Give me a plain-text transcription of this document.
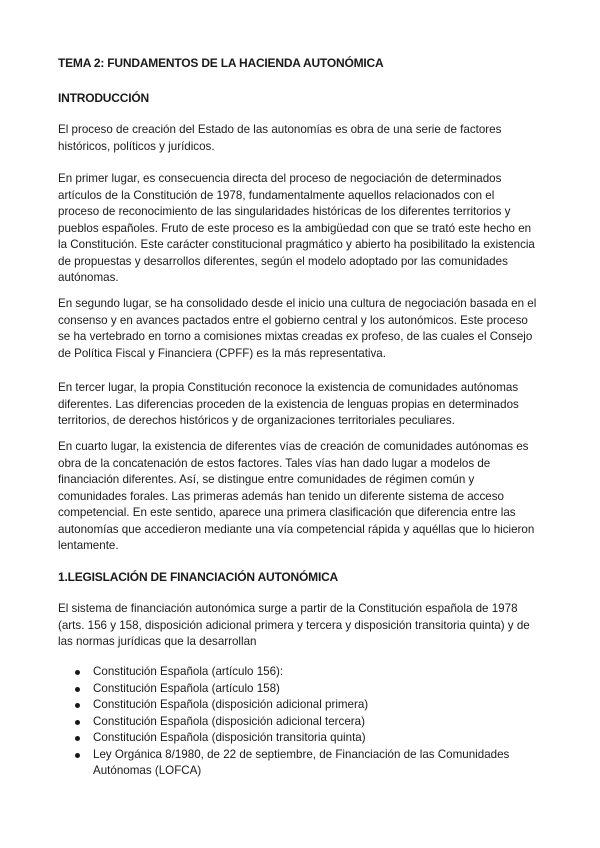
TEMA 2: FUNDAMENTOS DE LA HACIENDA AUTONÓMICA

INTRODUCCIÓN

El proceso de creación del Estado de las autonomías es obra de una serie de factores históricos, políticos y jurídicos.

En primer lugar, es consecuencia directa del proceso de negociación de determinados artículos de la Constitución de 1978, fundamentalmente aquellos relacionados con el proceso de reconocimiento de las singularidades históricas de los diferentes territorios y pueblos españoles. Fruto de este proceso es la ambigüedad con que se trató este hecho en la Constitución. Este carácter constitucional pragmático y abierto ha posibilitado la existencia de propuestas y desarrollos diferentes, según el modelo adoptado por las comunidades autónomas.

En segundo lugar, se ha consolidado desde el inicio una cultura de negociación basada en el consenso y en avances pactados entre el gobierno central y los autonómicos. Este proceso se ha vertebrado en torno a comisiones mixtas creadas ex profeso, de las cuales el Consejo de Política Fiscal y Financiera (CPFF) es la más representativa.

En tercer lugar, la propia Constitución reconoce la existencia de comunidades autónomas diferentes. Las diferencias proceden de la existencia de lenguas propias en determinados territorios, de derechos históricos y de organizaciones territoriales peculiares.

En cuarto lugar, la existencia de diferentes vías de creación de comunidades autónomas es obra de la concatenación de estos factores. Tales vías han dado lugar a modelos de financiación diferentes. Así, se distingue entre comunidades de régimen común y comunidades forales. Las primeras además han tenido un diferente sistema de acceso competencial. En este sentido, aparece una primera clasificación que diferencia entre las autonomías que accedieron mediante una vía competencial rápida y aquéllas que lo hicieron lentamente.

1.LEGISLACIÓN DE FINANCIACIÓN AUTONÓMICA

El sistema de financiación autonómica surge a partir de la Constitución española de 1978 (arts. 156 y 158, disposición adicional primera y tercera y disposición transitoria quinta) y de las normas jurídicas que la desarrollan

Constitución Española (artículo 156):
Constitución Española (artículo 158)
Constitución Española (disposición adicional primera)
Constitución Española (disposición adicional tercera)
Constitución Española (disposición transitoria quinta)
Ley Orgánica 8/1980, de 22 de septiembre, de Financiación de las Comunidades Autónomas (LOFCA)
